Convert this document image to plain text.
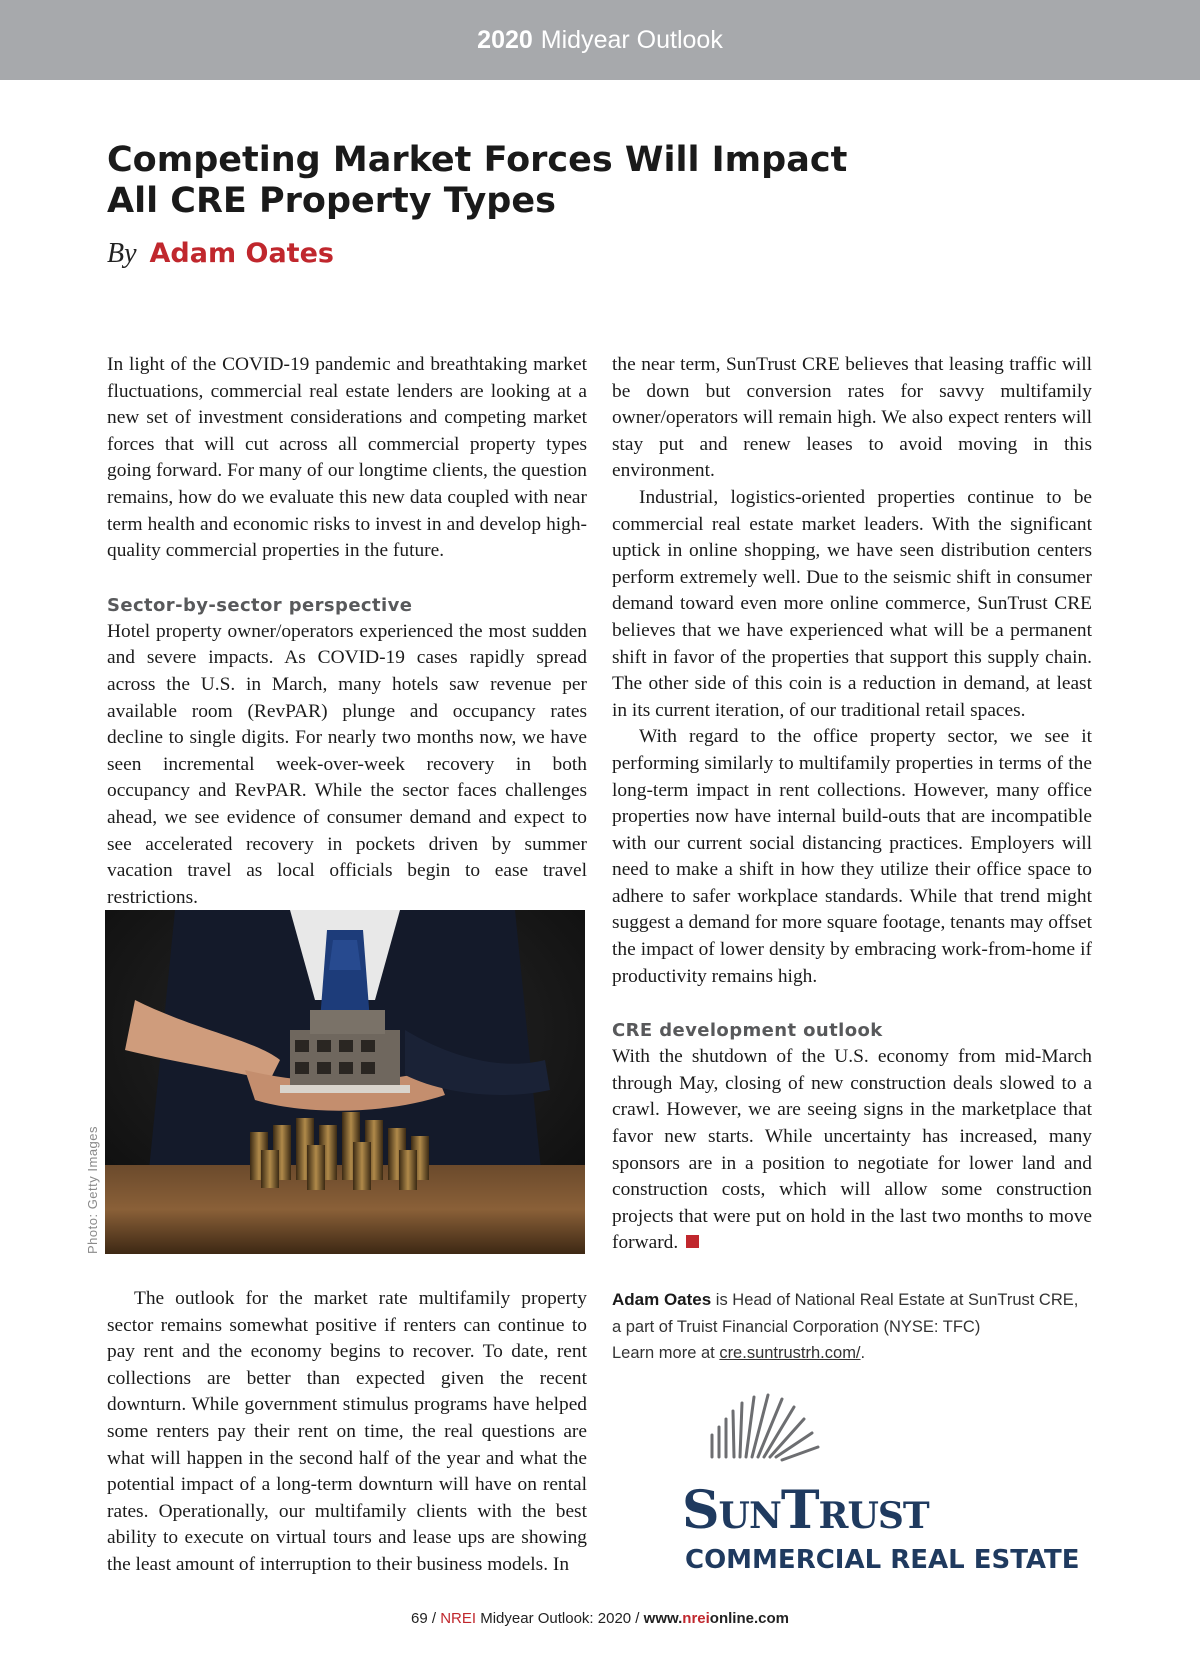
2020 Midyear Outlook
Competing Market Forces Will Impact
All CRE Property Types
By Adam Oates

In light of the COVID-19 pandemic and breathtaking market fluctuations, commercial real estate lenders are looking at a new set of investment considerations and competing market forces that will cut across all commercial property types going forward. For many of our longtime clients, the question remains, how do we evaluate this new data coupled with near term health and economic risks to invest in and develop high-quality commercial properties in the future.

Sector-by-sector perspective

Hotel property owner/operators experienced the most sudden and severe impacts. As COVID-19 cases rapidly spread across the U.S. in March, many hotels saw revenue per available room (RevPAR) plunge and occupancy rates decline to single digits. For nearly two months now, we have seen incremental week-over-week recovery in both occupancy and RevPAR. While the sector faces challenges ahead, we see evidence of consumer demand and expect to see accelerated recovery in pockets driven by summer vacation travel as local officials begin to ease travel restrictions.

Photo: Getty Images

The outlook for the market rate multifamily property sector remains somewhat positive if renters can continue to pay rent and the economy begins to recover. To date, rent collections are better than expected given the recent downturn. While government stimulus programs have helped some renters pay their rent on time, the real questions are what will happen in the second half of the year and what the potential impact of a long-term downturn will have on rental rates. Operationally, our multifamily clients with the best ability to execute on virtual tours and lease ups are showing the least amount of interruption to their business models. In

the near term, SunTrust CRE believes that leasing traffic will be down but conversion rates for savvy multifamily owner/operators will remain high. We also expect renters will stay put and renew leases to avoid moving in this environment.

Industrial, logistics-oriented properties continue to be commercial real estate market leaders. With the significant uptick in online shopping, we have seen distribution centers perform extremely well. Due to the seismic shift in consumer demand toward even more online commerce, SunTrust CRE believes that we have experienced what will be a permanent shift in favor of the properties that support this supply chain. The other side of this coin is a reduction in demand, at least in its current iteration, of our traditional retail spaces.

With regard to the office property sector, we see it performing similarly to multifamily properties in terms of the long-term impact in rent collections. However, many office properties now have internal build-outs that are incompatible with our current social distancing practices. Employers will need to make a shift in how they utilize their office space to adhere to safer workplace standards. While that trend might suggest a demand for more square footage, tenants may offset the impact of lower density by embracing work-from-home if productivity remains high.

CRE development outlook

With the shutdown of the U.S. economy from mid-March through May, closing of new construction deals slowed to a crawl. However, we are seeing signs in the marketplace that favor new starts. While uncertainty has increased, many sponsors are in a position to negotiate for lower land and construction costs, which will allow some construction projects that were put on hold in the last two months to move forward.

Adam Oates is Head of National Real Estate at SunTrust CRE,

a part of Truist Financial Corporation (NYSE: TFC)

Learn more at cre.suntrustrh.com/.

SunTrust
COMMERCIAL REAL ESTATE
69 / NREI Midyear Outlook: 2020 / www.nreionline.com
